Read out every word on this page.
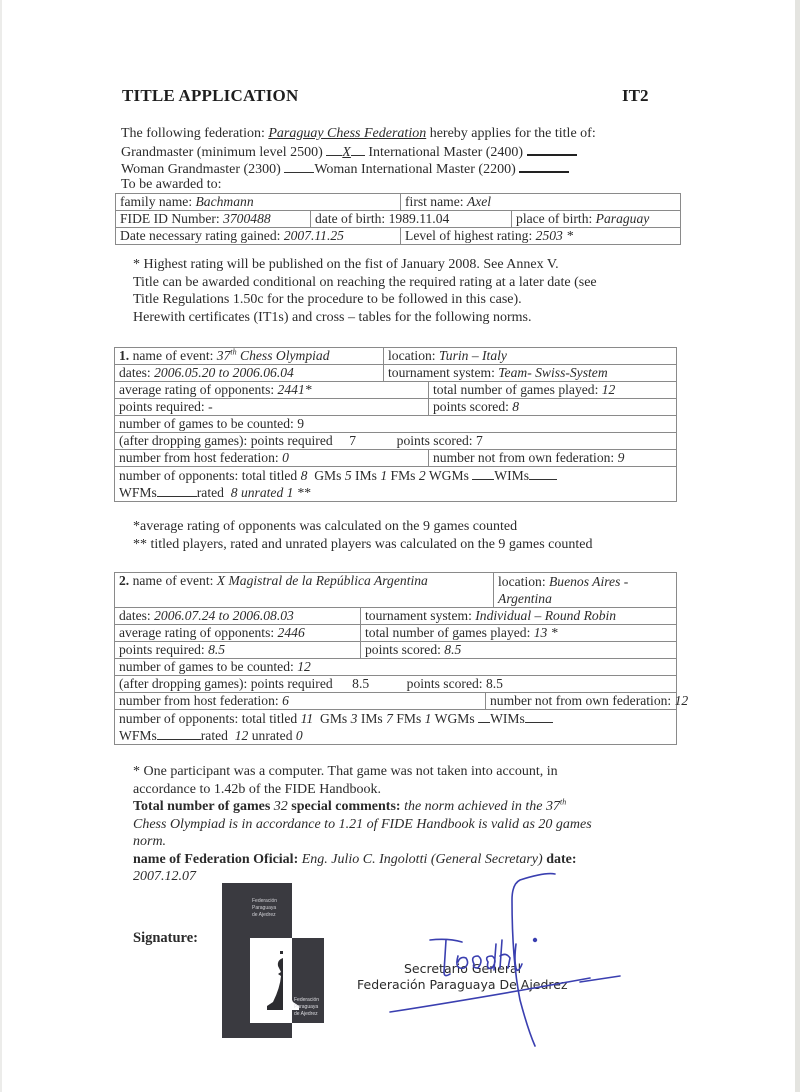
TITLE APPLICATION	IT2
The following federation: Paraguay Chess Federation hereby applies for the title of:
Grandmaster (minimum level 2500) X International Master (2400)
Woman Grandmaster (2300) Woman International Master (2200)
To be awarded to:
family name: Bachmann		first name: Axel	
FIDE ID Number: 3700488	date of birth: 1989.11.04		place of birth: Paraguay
Date necessary rating gained: 2007.11.25		Level of highest rating: 2503 *	
* Highest rating will be published on the fist of January 2008. See Annex V.
Title can be awarded conditional on reaching the required rating at a later date (see
Title Regulations 1.50c for the procedure to be followed in this case).
Herewith certificates (IT1s) and cross – tables for the following norms.
1. name of event: 37th Chess Olympiad	location: Turin – Italy	
dates: 2006.05.20 to 2006.06.04	tournament system: Team- Swiss-System	
average rating of opponents: 2441*		total number of games played: 12
points required: -		points scored: 8
number of games to be counted: 9		
(after dropping games): points required 7 points scored: 7		
number from host federation: 0		number not from own federation: 9
number of opponents: total titled 8 GMs 5 IMs 1 FMs 2 WGMs WIMs
WFMs rated 8 unrated 1 **		
*average rating of opponents was calculated on the 9 games counted
** titled players, rated and unrated players was calculated on the 9 games counted
2. name of event: X Magistral de la República Argentina			location: Buenos Aires -
Argentina
dates: 2006.07.24 to 2006.08.03	tournament system: Individual – Round Robin		
average rating of opponents: 2446	total number of games played: 13 *		
points required: 8.5	points scored: 8.5		
number of games to be counted: 12			
(after dropping games): points required 8.5 points scored: 8.5			
number from host federation: 6		number not from own federation: 12	
number of opponents: total titled 11 GMs 3 IMs 7 FMs 1 WGMs WIMs
WFMs rated 12 unrated 0			
* One participant was a computer. That game was not taken into account, in
accordance to 1.42b of the FIDE Handbook.
Total number of games 32 special comments: the norm achieved in the 37th
Chess Olympiad is in accordance to 1.21 of FIDE Handbook is valid as 20 games
norm.
name of Federation Oficial: Eng. Julio C. Ingolotti (General Secretary) date:
2007.12.07
Signature:
Federación
Paraguaya
de Ajedrez
Federación
Paraguaya
de Ajedrez
Secretario General
Federación Paraguaya De Ajedrez
